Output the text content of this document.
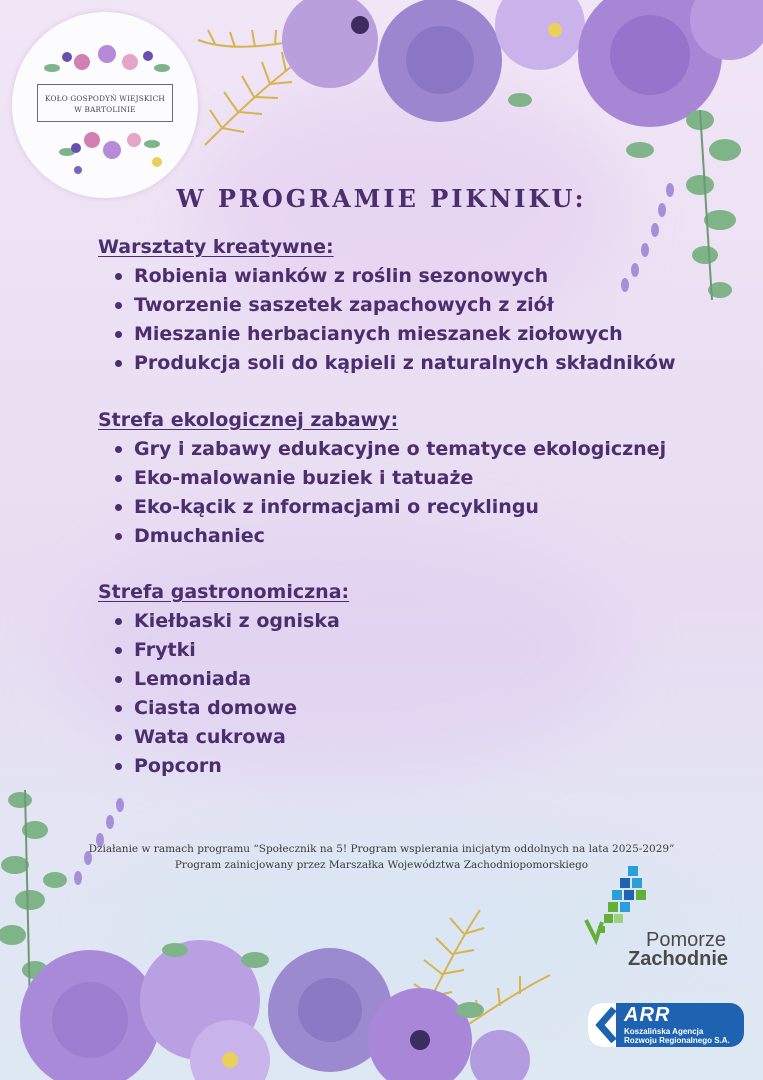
KOŁO GOSPODYŃ WIEJSKICH
W BARTOLINIE
W PROGRAMIE PIKNIKU:
Warsztaty kreatywne:
Robienia wianków z roślin sezonowych
Tworzenie saszetek zapachowych z ziół
Mieszanie herbacianych mieszanek ziołowych
Produkcja soli do kąpieli z naturalnych składników
Strefa ekologicznej zabawy:
Gry i zabawy edukacyjne o tematyce ekologicznej
Eko-malowanie buziek i tatuaże
Eko-kącik z informacjami o recyklingu
Dmuchaniec
Strefa gastronomiczna:
Kiełbaski z ogniska
Frytki
Lemoniada
Ciasta domowe
Wata cukrowa
Popcorn
Działanie w ramach programu “Społecznik na 5! Program wspierania inicjatym oddolnych na lata 2025-2029”
Program zainicjowany przez Marszałka Województwa Zachodniopomorskiego
Pomorze
Zachodnie
ARR
Koszalińska Agencja
Rozwoju Regionalnego S.A.
